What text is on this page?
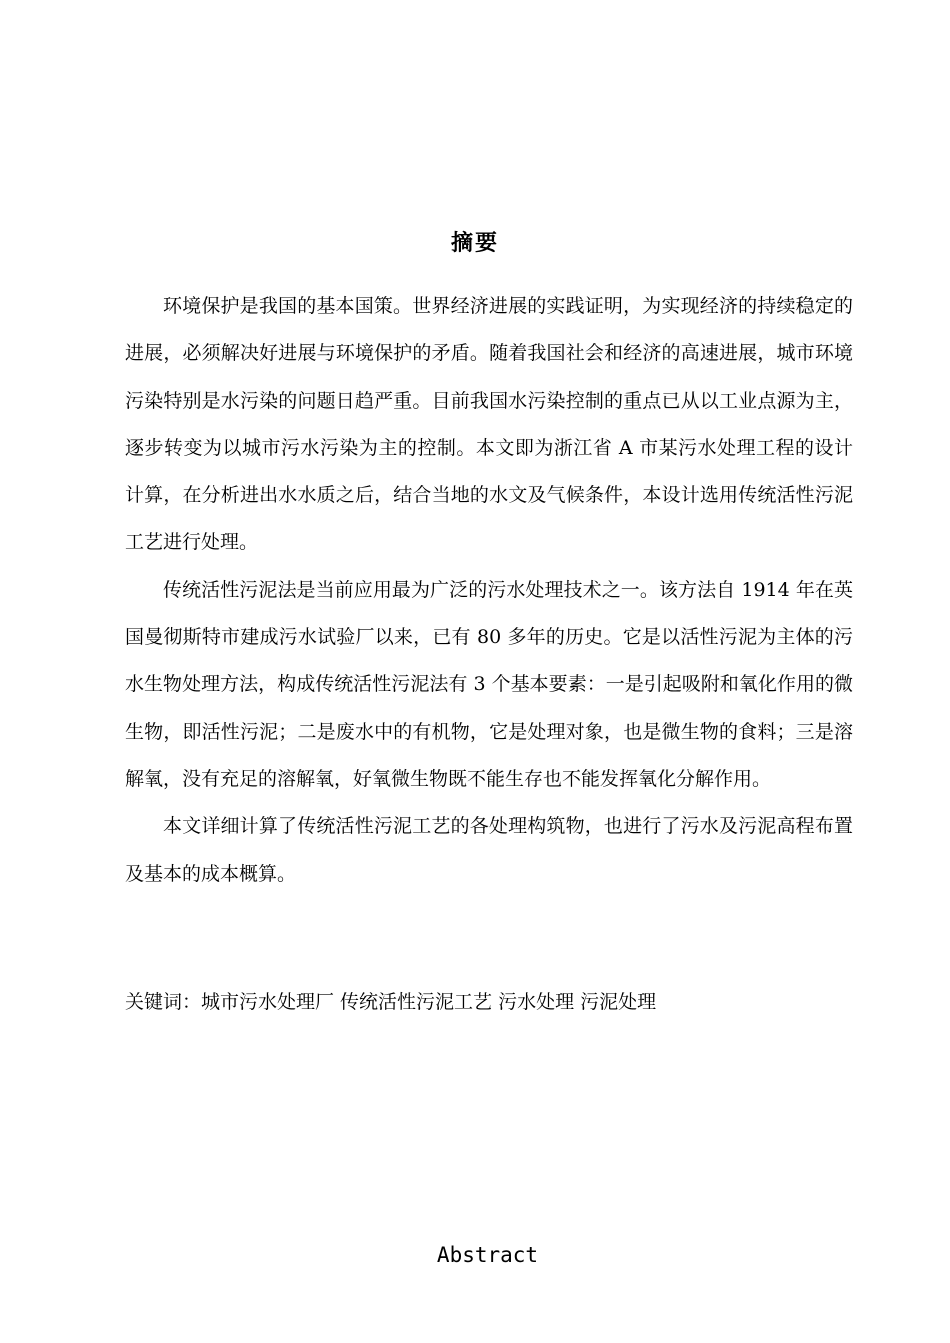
摘要

环境保护是我国的基本国策。世界经济进展的实践证明，为实现经济的持续稳定的进展，必须解决好进展与环境保护的矛盾。随着我国社会和经济的高速进展，城市环境污染特别是水污染的问题日趋严重。目前我国水污染控制的重点已从以工业点源为主，逐步转变为以城市污水污染为主的控制。本文即为浙江省 A 市某污水处理工程的设计计算，在分析进出水水质之后，结合当地的水文及气候条件，本设计选用传统活性污泥工艺进行处理。

传统活性污泥法是当前应用最为广泛的污水处理技术之一。该方法自 1914 年在英国曼彻斯特市建成污水试验厂以来，已有 80 多年的历史。它是以活性污泥为主体的污水生物处理方法，构成传统活性污泥法有 3 个基本要素：一是引起吸附和氧化作用的微生物，即活性污泥；二是废水中的有机物，它是处理对象，也是微生物的食料；三是溶解氧，没有充足的溶解氧，好氧微生物既不能生存也不能发挥氧化分解作用。

本文详细计算了传统活性污泥工艺的各处理构筑物，也进行了污水及污泥高程布置及基本的成本概算。

关键词：城市污水处理厂 传统活性污泥工艺 污水处理 污泥处理
Abstract
